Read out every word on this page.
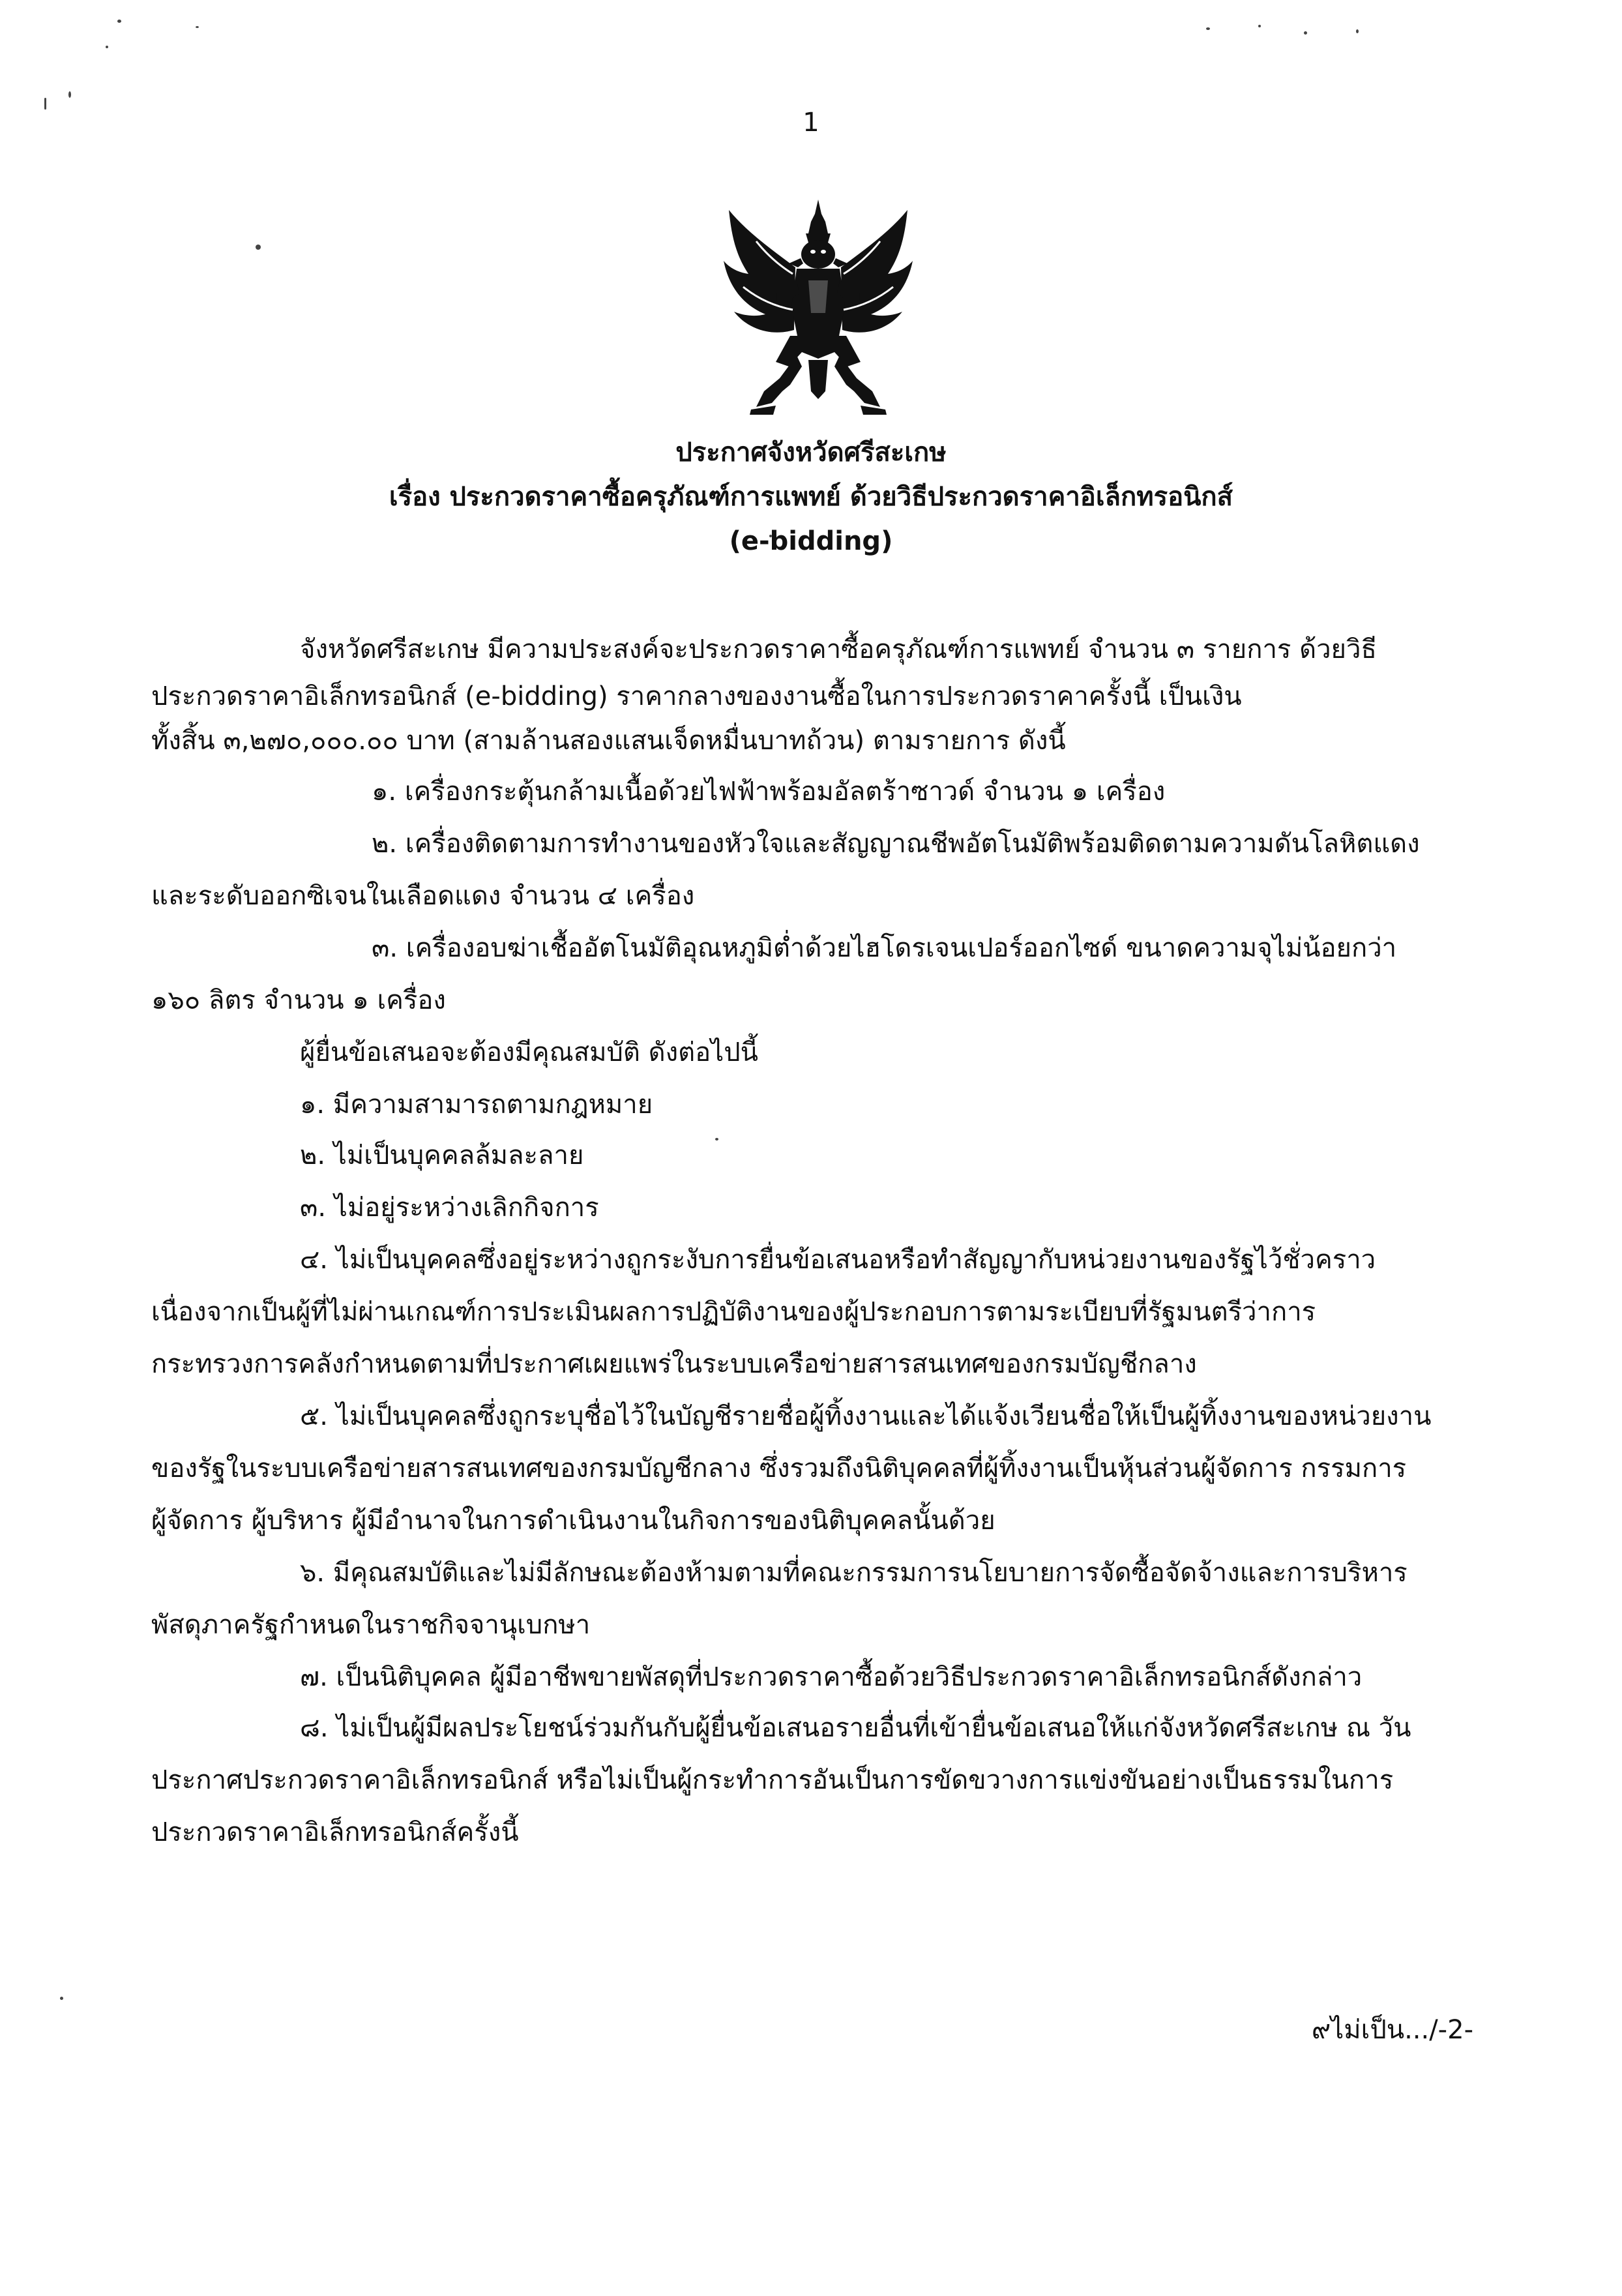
1
ประกาศจังหวัดศรีสะเกษ
เรื่อง ประกวดราคาซื้อครุภัณฑ์การแพทย์ ด้วยวิธีประกวดราคาอิเล็กทรอนิกส์
(e-bidding)
จังหวัดศรีสะเกษ มีความประสงค์จะประกวดราคาซื้อครุภัณฑ์การแพทย์ จำนวน ๓ รายการ ด้วยวิธี
ประกวดราคาอิเล็กทรอนิกส์ (e-bidding) ราคากลางของงานซื้อในการประกวดราคาครั้งนี้ เป็นเงิน
ทั้งสิ้น ๓,๒๗๐,๐๐๐.๐๐ บาท (สามล้านสองแสนเจ็ดหมื่นบาทถ้วน) ตามรายการ ดังนี้
๑. เครื่องกระตุ้นกล้ามเนื้อด้วยไฟฟ้าพร้อมอัลตร้าซาวด์ จำนวน ๑ เครื่อง
๒. เครื่องติดตามการทำงานของหัวใจและสัญญาณชีพอัตโนมัติพร้อมติดตามความดันโลหิตแดง
และระดับออกซิเจนในเลือดแดง จำนวน ๔ เครื่อง
๓. เครื่องอบฆ่าเชื้ออัตโนมัติอุณหภูมิต่ำด้วยไฮโดรเจนเปอร์ออกไซด์ ขนาดความจุไม่น้อยกว่า
๑๖๐ ลิตร จำนวน ๑ เครื่อง
ผู้ยื่นข้อเสนอจะต้องมีคุณสมบัติ ดังต่อไปนี้
๑. มีความสามารถตามกฎหมาย
๒. ไม่เป็นบุคคลล้มละลาย
๓. ไม่อยู่ระหว่างเลิกกิจการ
๔. ไม่เป็นบุคคลซึ่งอยู่ระหว่างถูกระงับการยื่นข้อเสนอหรือทำสัญญากับหน่วยงานของรัฐไว้ชั่วคราว
เนื่องจากเป็นผู้ที่ไม่ผ่านเกณฑ์การประเมินผลการปฏิบัติงานของผู้ประกอบการตามระเบียบที่รัฐมนตรีว่าการ
กระทรวงการคลังกำหนดตามที่ประกาศเผยแพร่ในระบบเครือข่ายสารสนเทศของกรมบัญชีกลาง
๕. ไม่เป็นบุคคลซึ่งถูกระบุชื่อไว้ในบัญชีรายชื่อผู้ทิ้งงานและได้แจ้งเวียนชื่อให้เป็นผู้ทิ้งงานของหน่วยงาน
ของรัฐในระบบเครือข่ายสารสนเทศของกรมบัญชีกลาง ซึ่งรวมถึงนิติบุคคลที่ผู้ทิ้งงานเป็นหุ้นส่วนผู้จัดการ กรรมการ
ผู้จัดการ ผู้บริหาร ผู้มีอำนาจในการดำเนินงานในกิจการของนิติบุคคลนั้นด้วย
๖. มีคุณสมบัติและไม่มีลักษณะต้องห้ามตามที่คณะกรรมการนโยบายการจัดซื้อจัดจ้างและการบริหาร
พัสดุภาครัฐกำหนดในราชกิจจานุเบกษา
๗. เป็นนิติบุคคล ผู้มีอาชีพขายพัสดุที่ประกวดราคาซื้อด้วยวิธีประกวดราคาอิเล็กทรอนิกส์ดังกล่าว
๘. ไม่เป็นผู้มีผลประโยชน์ร่วมกันกับผู้ยื่นข้อเสนอรายอื่นที่เข้ายื่นข้อเสนอให้แก่จังหวัดศรีสะเกษ ณ วัน
ประกาศประกวดราคาอิเล็กทรอนิกส์ หรือไม่เป็นผู้กระทำการอันเป็นการขัดขวางการแข่งขันอย่างเป็นธรรมในการ
ประกวดราคาอิเล็กทรอนิกส์ครั้งนี้
๙ไม่เป็น.../-2-
